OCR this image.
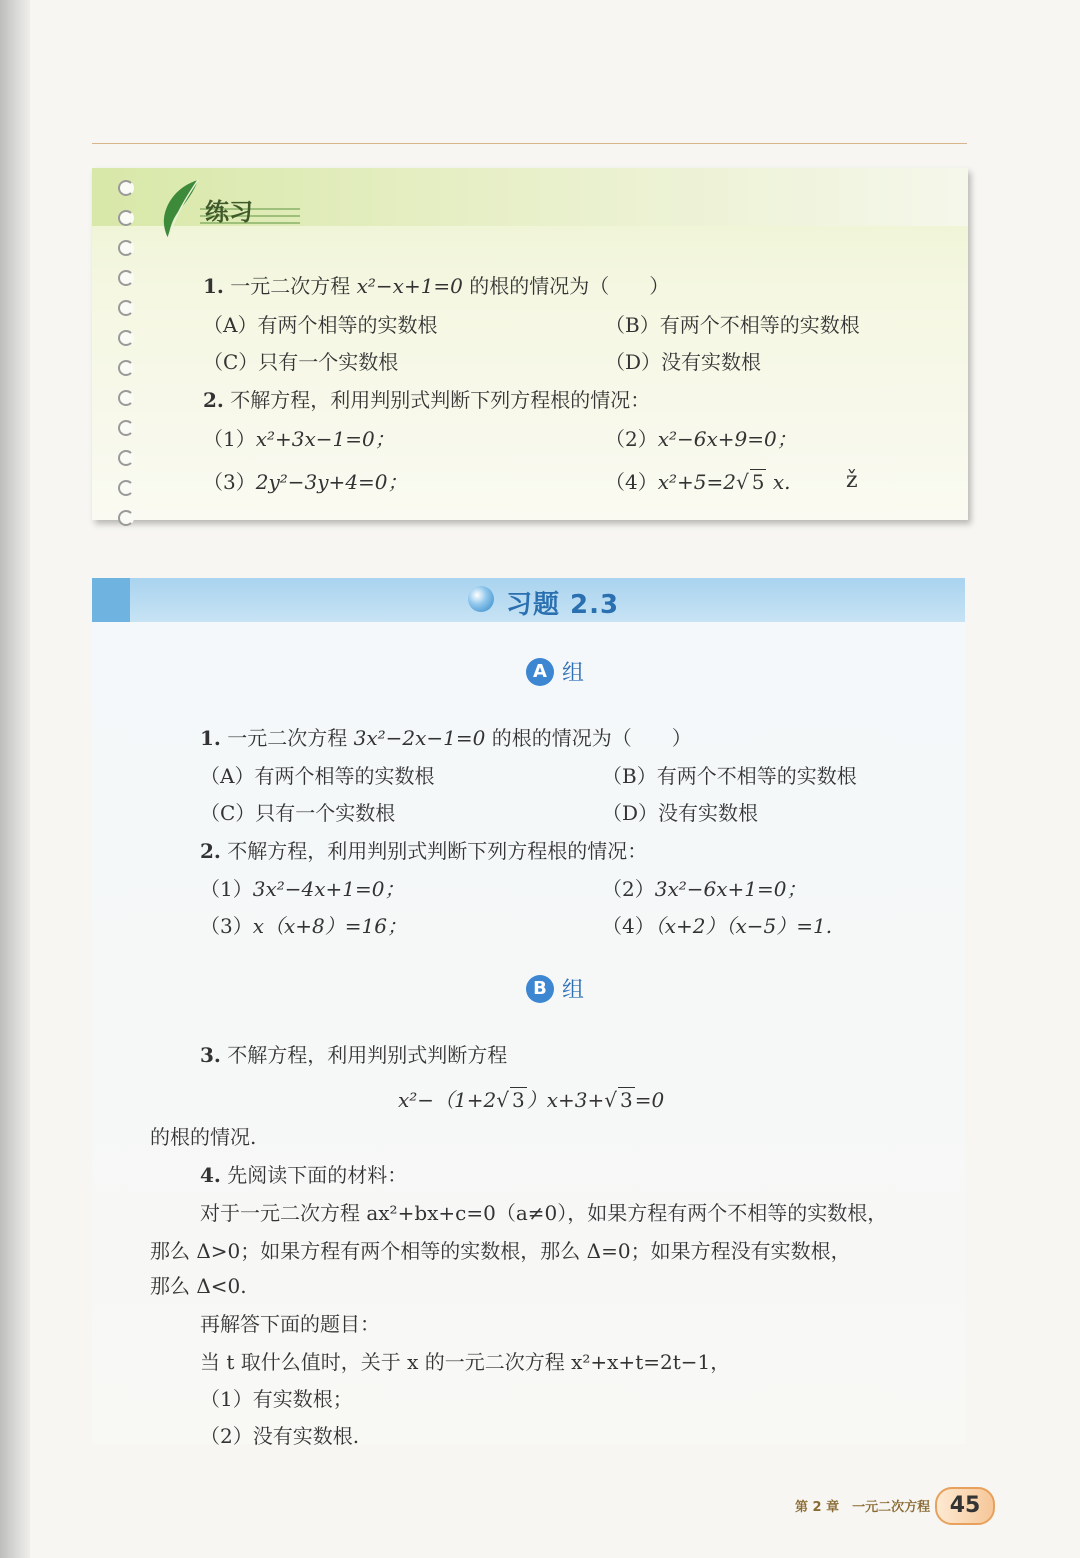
练习
1. 一元二次方程 x²−x+1=0 的根的情况为（　　）
（A）有两个相等的实数根	（B）有两个不相等的实数根
（C）只有一个实数根	（D）没有实数根
2. 不解方程，利用判别式判断下列方程根的情况：
（1）x²+3x−1=0；	（2）x²−6x+9=0；
（3）2y²−3y+4=0；	（4）x²+5=2√ 5 x.	ž
习题 2.3
A 组
1. 一元二次方程 3x²−2x−1=0 的根的情况为（　　）
（A）有两个相等的实数根	（B）有两个不相等的实数根
（C）只有一个实数根	（D）没有实数根
2. 不解方程，利用判别式判断下列方程根的情况：
（1）3x²−4x+1=0；	（2）3x²−6x+1=0；
（3）x（x+8）=16；	（4）（x+2）（x−5）=1.
B 组
3. 不解方程，利用判别式判断方程
x²−（1+2√ 3 ）x+3+√ 3 =0
的根的情况.
4. 先阅读下面的材料：
对于一元二次方程 ax²+bx+c=0（a≠0），如果方程有两个不相等的实数根，
那么 Δ>0；如果方程有两个相等的实数根，那么 Δ=0；如果方程没有实数根，
那么 Δ<0.
再解答下面的题目：
当 t 取什么值时，关于 x 的一元二次方程 x²+x+t=2t−1，
（1）有实数根；
（2）没有实数根.
第 2 章　一元二次方程 45
